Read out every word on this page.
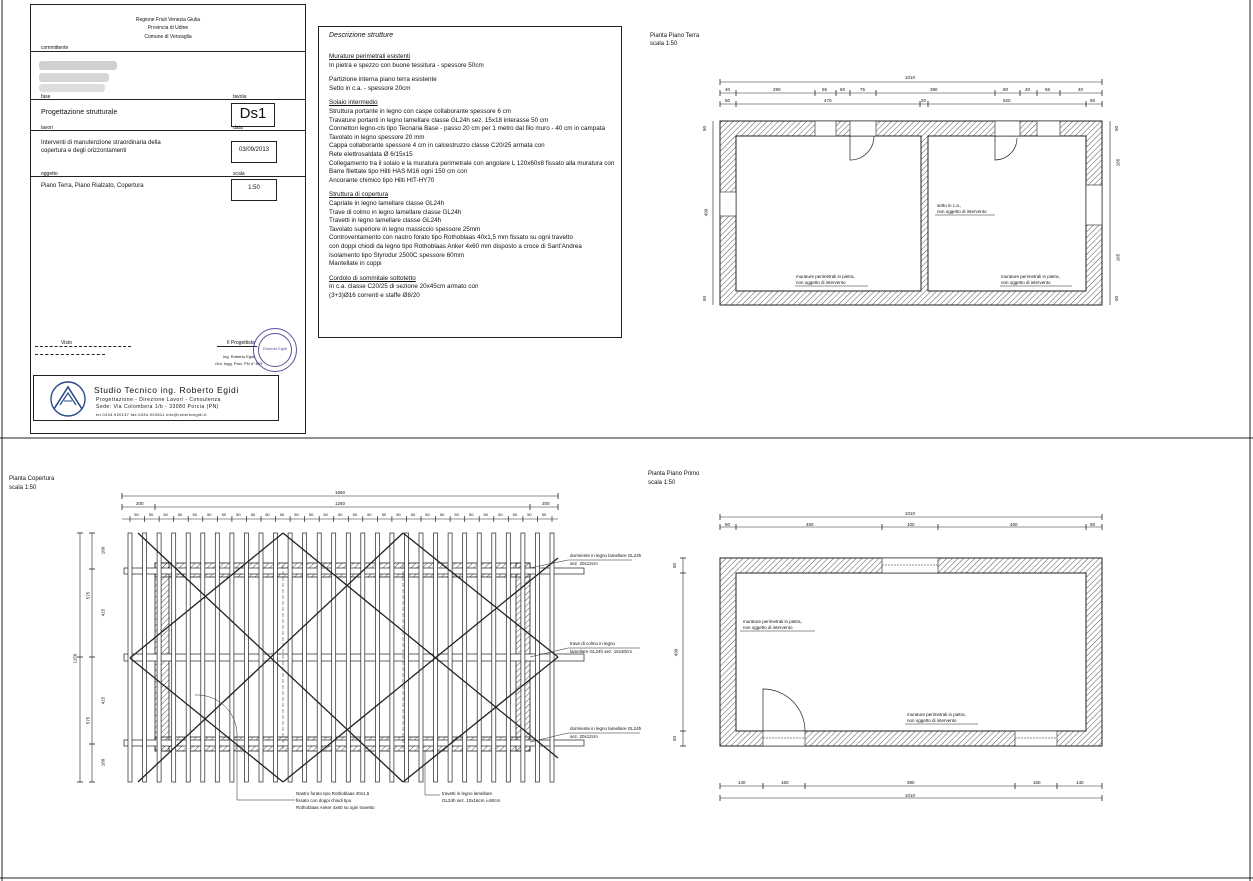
Regione Friuli Venezia Giulia
Provincia di Udine
Comune di Venzaglia
committente
fase	tavola
Progettazione strutturale	Ds1
lavori	data
Interventi di manutenzione straordinaria della
copertura e degli orizzontamenti	03/09/2013
oggetto	scala
Piano Terra, Piano Rialzato, Copertura	1:50
Visto	Il Progettista
Ing. Roberto Egidi
Ord. Ingg. Prov. PN n° 849
Roberto Egidi
Studio Tecnico ing. Roberto Egidi
Progettazione - Direzione Lavori - Consulenza
Sede: Via Colombera 1/b - 33080 Porcia (PN)
tel.0434.920137 fax.0434.920811 info@robertoegidi.it
Descrizione strutture
Murature perimetrali esistenti
In pietra e spezzo con buone tessitura - spessore 50cm
Partizione interna piano terra esistente
Setto in c.a. - spessore 20cm
Solaio intermedio
Struttura portante in legno con caspe collaborante spessore 6 cm
Travature portanti in legno lamellare classe GL24h sez. 15x18 interasse 50 cm
Connettori legno-cls tipo Tecnaria Base - passo 20 cm per 1 metro dal filo muro - 40 cm in campata
Tavolato in legno spessore 20 mm
Cappa collaborante spessore 4 cm in calcestruzzo classe C20/25 armata con
Rete elettrosaldata Ø 6/15x15
Collegamento tra il solaio e la muratura perimetrale con angolare L 120x60x8 fissato alla muratura con
Barre filettate tipo Hilti HAS M16 ogni 150 cm con
Ancorante chimico tipo Hilti HIT-HY70
Struttura di copertura
Capriate in legno lamellare classe GL24h
Trave di colmo in legno lamellare classe GL24h
Travetti in legno lamellare classe GL24h
Tavolato superiore in legno massiccio spessore 25mm
Controventamento con nastro forato tipo Rothoblaas 40x1,5 mm fissato su ogni travetto
con doppi chiodi da legno tipo Rothoblaas Anker 4x60 mm disposto a croce di Sant'Andrea
Isolamento tipo Styrodur 2500C spessore 60mm
Mantellate in coppi
Cordolo di sommitale sottotetto
In c.a. classe C20/25 di sezione 20x45cm armato con
(3+3)Ø16 correnti e staffe Ø8/20
Pianta Piano Terra
scala 1:50
1010
40	290	55	60	75	390	80	40	55	40
50	470	20	520	50
50
490
50
50
165
165
50
setto in c.a.,
non oggetto di intervento
murature perimetrali in pietra,
non oggetto di intervento
murature perimetrali in pietra,
non oggetto di intervento
Pianta Piano Primo
scala 1:50
1010
1010
50	450	100	450	50
140	160	390	160	140
50
490
50
murature perimetrali in pietra,
non oggetto di intervento
murature perimetrali in pietra,
non oggetto di intervento
Pianta Copertura
scala 1:50
1660
200	1260	200
50	50	50	50	50	50	50	50	50	50	50	50	50	50	50	50	50	50	50	50	50	50	50	50	50	50	50	50	50
1150
160
415
415
160
575
575
dormiente in legno lamellare GL24h
sez. 20x12cm
trave di colmo in legno
lamellare GL24h sez. 16x30cm
dormiente in legno lamellare GL24h
sez. 20x12cm
Nastro forato tipo Rothoblaas 40x1,5
fissato con doppi chiodi tipo
Rothoblaas Anker 4x60 su ogni travetto
travetti in legno lamellare
GL24h sez. 10x16cm i=50cm
